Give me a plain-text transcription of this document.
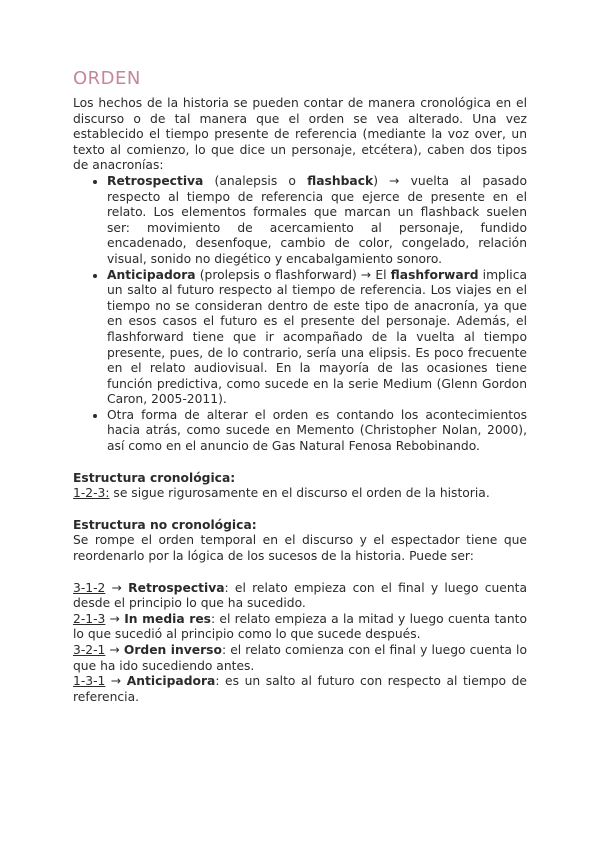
ORDEN

Los hechos de la historia se pueden contar de manera cronológica en el discurso o de tal manera que el orden se vea alterado. Una vez establecido el tiempo presente de referencia (mediante la voz over, un texto al comienzo, lo que dice un personaje, etcétera), caben dos tipos de anacronías:

• Retrospectiva (analepsis o flashback) → vuelta al pasado respecto al tiempo de referencia que ejerce de presente en el relato. Los elementos formales que marcan un flashback suelen ser: movimiento de acercamiento al personaje, fundido encadenado, desenfoque, cambio de color, congelado, relación visual, sonido no diegético y encabalgamiento sonoro.
• Anticipadora (prolepsis o flashforward) → El flashforward implica un salto al futuro respecto al tiempo de referencia. Los viajes en el tiempo no se consideran dentro de este tipo de anacronía, ya que en esos casos el futuro es el presente del personaje. Además, el flashforward tiene que ir acompañado de la vuelta al tiempo presente, pues, de lo contrario, sería una elipsis. Es poco frecuente en el relato audiovisual. En la mayoría de las ocasiones tiene función predictiva, como sucede en la serie Medium (Glenn Gordon Caron, 2005-2011).
• Otra forma de alterar el orden es contando los acontecimientos hacia atrás, como sucede en Memento (Christopher Nolan, 2000), así como en el anuncio de Gas Natural Fenosa Rebobinando.

Estructura cronológica:

1-2-3: se sigue rigurosamente en el discurso el orden de la historia.

Estructura no cronológica:

Se rompe el orden temporal en el discurso y el espectador tiene que reordenarlo por la lógica de los sucesos de la historia. Puede ser:

3-1-2 → Retrospectiva: el relato empieza con el final y luego cuenta desde el principio lo que ha sucedido.

2-1-3 → In media res: el relato empieza a la mitad y luego cuenta tanto lo que sucedió al principio como lo que sucede después.

3-2-1 → Orden inverso: el relato comienza con el final y luego cuenta lo que ha ido sucediendo antes.

1-3-1 → Anticipadora: es un salto al futuro con respecto al tiempo de referencia.
